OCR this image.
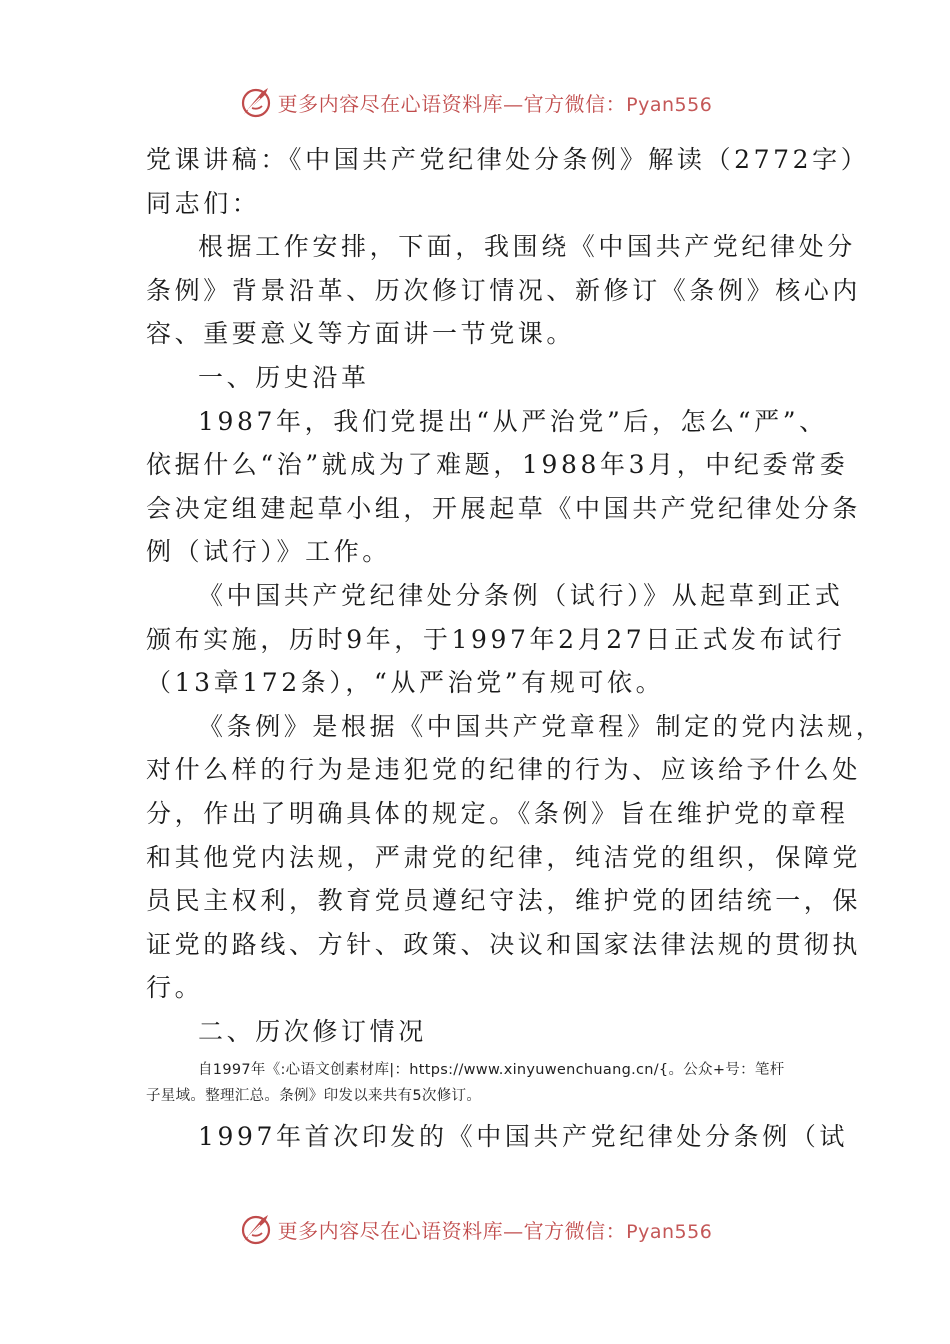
更多内容尽在心语资料库—官方微信：Pyan556
党课讲稿：《中国共产党纪律处分条例》解读（2772字）
同志们：
根据工作安排，下面，我围绕《中国共产党纪律处分
条例》背景沿革、历次修订情况、新修订《条例》核心内
容、重要意义等方面讲一节党课。
一、历史沿革
1987年，我们党提出“从严治党”后，怎么“严”、
依据什么“治”就成为了难题，1988年3月，中纪委常委
会决定组建起草小组，开展起草《中国共产党纪律处分条
例（试行）》工作。
《中国共产党纪律处分条例（试行）》从起草到正式
颁布实施，历时9年，于1997年2月27日正式发布试行
（13章172条），“从严治党”有规可依。
《条例》是根据《中国共产党章程》制定的党内法规，
对什么样的行为是违犯党的纪律的行为、应该给予什么处
分，作出了明确具体的规定。《条例》旨在维护党的章程
和其他党内法规，严肃党的纪律，纯洁党的组织，保障党
员民主权利，教育党员遵纪守法，维护党的团结统一，保
证党的路线、方针、政策、决议和国家法律法规的贯彻执
行。
二、历次修订情况
自1997年《:心语文创素材库|：https://www.xinyuwenchuang.cn/{。公众+号：笔杆
子星域。整理汇总。条例》印发以来共有5次修订。
1997年首次印发的《中国共产党纪律处分条例（试
更多内容尽在心语资料库—官方微信：Pyan556
